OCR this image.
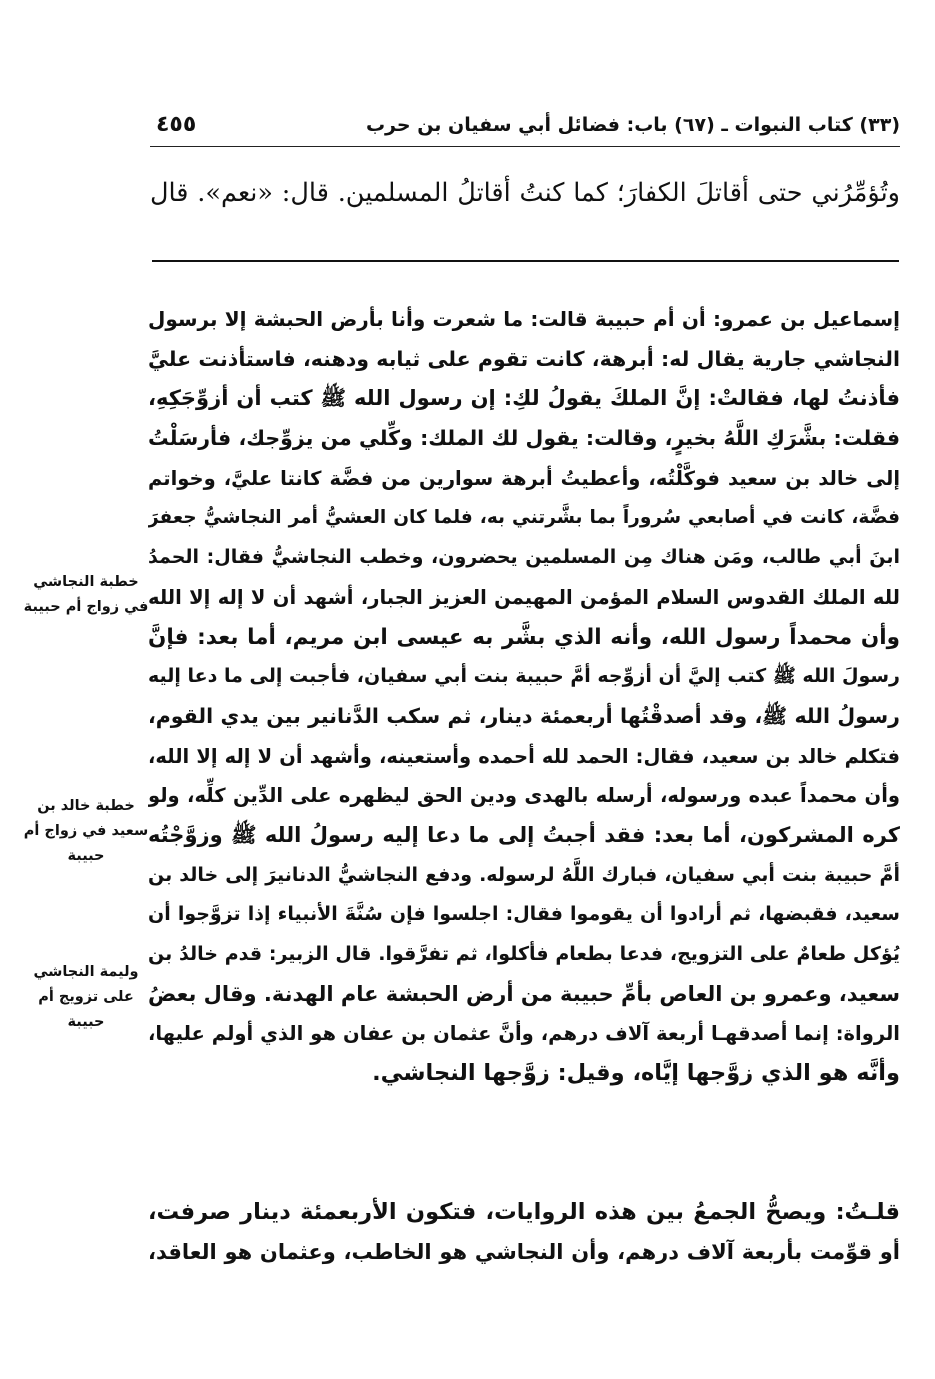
(٣٣) كتاب النبوات ـ (٦٧) باب: فضائل أبي سفيان بن حرب
٤٥٥
وتُؤمِّرُني حتى أقاتلَ الكفارَ؛ كما كنتُ أقاتلُ المسلمين. قال: «نعم». قال
إسماعيل بن عمرو: أن أم حبيبة قالت: ما شعرت وأنا بأرض الحبشة إلا برسول
النجاشي جارية يقال له: أبرهة، كانت تقوم على ثيابه ودهنه، فاستأذنت عليَّ
فأذنتُ لها، فقالتْ: إنَّ الملكَ يقولُ لكِ: إن رسول الله ﷺ كتب أن أزوِّجَكِهِ،
فقلت: بشَّرَكِ اللَّهُ بخيرٍ، وقالت: يقول لك الملك: وكِّلي من يزوِّجك، فأرسَلْتُ
إلى خالد بن سعيد فوكَّلْتُه، وأعطيتُ أبرهة سوارين من فضَّة كانتا عليَّ، وخواتم
فضَّة، كانت في أصابعي سُروراً بما بشَّرتني به، فلما كان العشيُّ أمر النجاشيُّ جعفرَ
ابنَ أبي طالب، ومَن هناك مِن المسلمين يحضرون، وخطب النجاشيُّ فقال: الحمدُ
لله الملك القدوس السلام المؤمن المهيمن العزيز الجبار، أشهد أن لا إله إلا الله
وأن محمداً رسول الله، وأنه الذي بشَّر به عيسى ابن مريم، أما بعد: فإنَّ
رسولَ الله ﷺ كتب إليَّ أن أزوِّجه أمَّ حبيبة بنت أبي سفيان، فأجبت إلى ما دعا إليه
رسولُ الله ﷺ، وقد أصدقْتُها أربعمئة دينار، ثم سكب الدَّنانير بين يدي القوم،
فتكلم خالد بن سعيد، فقال: الحمد لله أحمده وأستعينه، وأشهد أن لا إله إلا الله،
وأن محمداً عبده ورسوله، أرسله بالهدى ودين الحق ليظهره على الدِّين كلِّه، ولو
كره المشركون، أما بعد: فقد أجبتُ إلى ما دعا إليه رسولُ الله ﷺ وزوَّجْتُه
أمَّ حبيبة بنت أبي سفيان، فبارك اللَّهُ لرسوله. ودفع النجاشيُّ الدنانيرَ إلى خالد بن
سعيد، فقبضها، ثم أرادوا أن يقوموا فقال: اجلسوا فإن سُنَّةَ الأنبياء إذا تزوَّجوا أن
يُؤكل طعامٌ على التزويج، فدعا بطعام فأكلوا، ثم تفرَّقوا. قال الزبير: قدم خالدُ بن
سعيد، وعمرو بن العاص بأمِّ حبيبة من أرض الحبشة عام الهدنة. وقال بعضُ
الرواة: إنما أصدقهـا أربعة آلاف درهم، وأنَّ عثمان بن عفان هو الذي أولم عليها،
وأنَّه هو الذي زوَّجها إيَّاه، وقيل: زوَّجها النجاشي.
خطبة النجاشي في زواج أم حبيبة
خطبة خالد بن سعيد في زواج أم حبيبة
وليمة النجاشي على تزويج أم حبيبة
قلـتُ: ويصحُّ الجمعُ بين هذه الروايات، فتكون الأربعمئة دينار صرفت،
أو قوِّمت بأربعة آلاف درهم، وأن النجاشي هو الخاطب، وعثمان هو العاقد،
